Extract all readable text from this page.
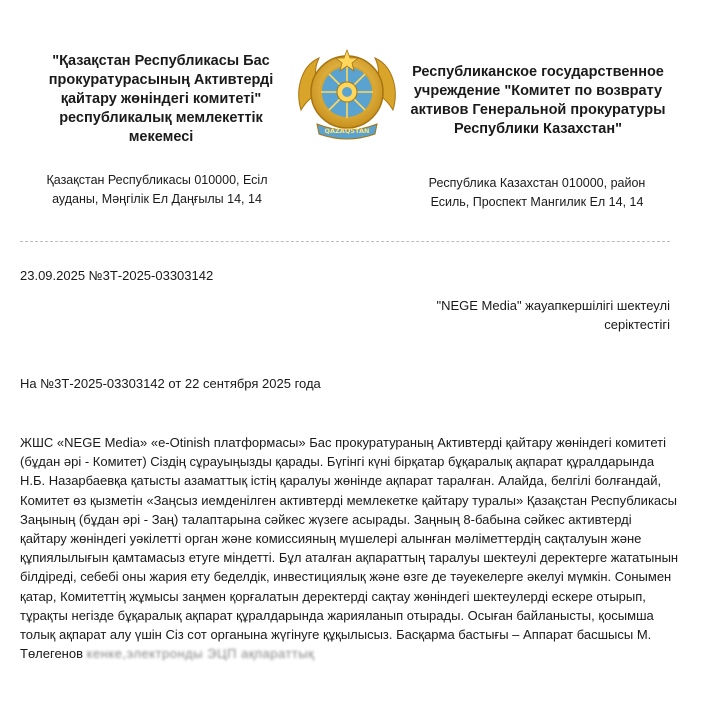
"Қазақстан Республикасы Бас прокуратурасының Активтерді қайтару жөніндегі комитеті" республикалық мемлекеттік мекемесі
Қазақстан Республикасы 010000, Есіл ауданы, Мәңгілік Ел Даңғылы 14, 14
QAZAQSTAN
Республиканское государственное учреждение "Комитет по возврату активов Генеральной прокуратуры Республики Казахстан"
Республика Казахстан 010000, район Есиль, Проспект Мангилик Ел 14, 14
23.09.2025 №3Т-2025-03303142
"NEGE Media" жауапкершілігі шектеулі серіктестігі
На №3Т-2025-03303142 от 22 сентября 2025 года
ЖШС «NEGE Media» «e-Otinish платформасы» Бас прокуратураның Активтерді қайтару жөніндегі комитеті (бұдан әрі - Комитет) Сіздің сұрауыңызды қарады. Бүгінгі күні бірқатар бұқаралық ақпарат құралдарында Н.Б. Назарбаевқа қатысты азаматтық істің қаралуы жөнінде ақпарат таралған. Алайда, белгілі болғандай, Комитет өз қызметін «Заңсыз иемденілген активтерді мемлекетке қайтару туралы» Қазақстан Республикасы Заңының (бұдан әрі - Заң) талаптарына сәйкес жүзеге асырады. Заңның 8-бабына сәйкес активтерді қайтару жөніндегі уәкілетті орган және комиссияның мүшелері алынған мәліметтердің сақталуын және құпиялылығын қамтамасыз етуге міндетті. Бұл аталған ақпараттың таралуы шектеулі деректерге жататынын білдіреді, себебі оны жария ету беделдік, инвестициялық және өзге де тәуекелерге әкелуі мүмкін. Сонымен қатар, Комитеттің жұмысы заңмен қорғалатын деректерді сақтау жөніндегі шектеулерді ескере отырып, тұрақты негізде бұқаралық ақпарат құралдарында жарияланып отырады. Осыған байланысты, қосымша толық ақпарат алу үшін Сіз сот органына жүгінуге құқылысыз. Басқарма бастығы – Аппарат басшысы М. Төлегенов кенке,электронды ЭЦП ақпараттық
